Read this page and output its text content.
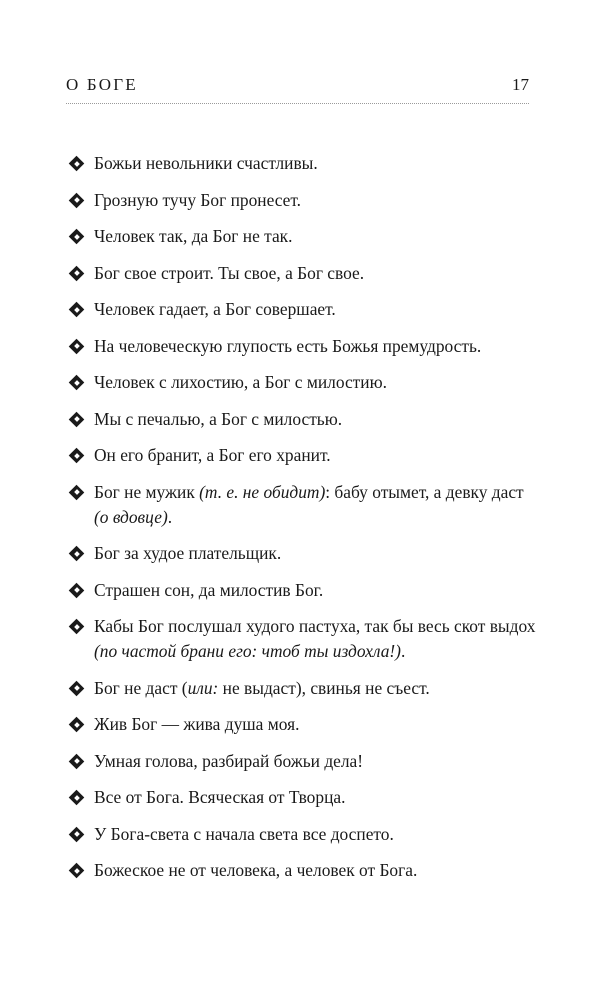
О БОГЕ	17
Божьи невольники счастливы.
Грозную тучу Бог пронесет.
Человек так, да Бог не так.
Бог свое строит. Ты свое, а Бог свое.
Человек гадает, а Бог совершает.
На человеческую глупость есть Божья премудрость.
Человек с лихостию, а Бог с милостию.
Мы с печалью, а Бог с милостью.
Он его бранит, а Бог его хранит.
Бог не мужик (т. е. не обидит): бабу отымет, а девку даст (о вдовце).
Бог за худое плательщик.
Страшен сон, да милостив Бог.
Кабы Бог послушал худого пастуха, так бы весь скот выдох (по частой брани его: чтоб ты издохла!).
Бог не даст (или: не выдаст), свинья не съест.
Жив Бог — жива душа моя.
Умная голова, разбирай божьи дела!
Все от Бога. Всяческая от Творца.
У Бога-света с начала света все доспето.
Божеское не от человека, а человек от Бога.
